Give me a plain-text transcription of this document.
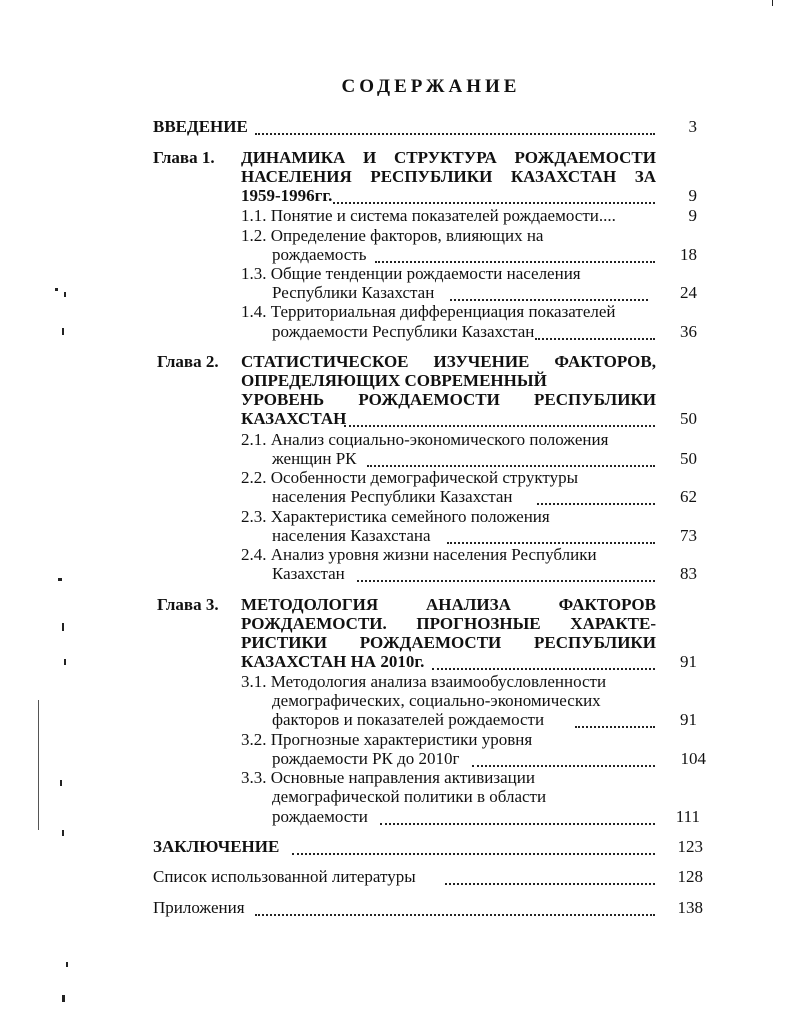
СОДЕРЖАНИЕ
ВВЕДЕНИЕ	3
Глава 1. ДИНАМИКА И СТРУКТУРА РОЖДАЕМОСТИ
НАСЕЛЕНИЯ РЕСПУБЛИКИ КАЗАХСТАН ЗА
1959-1996гг.	9
1.1. Понятие и система показателей рождаемости....	9
1.2. Определение факторов, влияющих на
рождаемость	18
1.3. Общие тенденции рождаемости населения
Республики Казахстан	24
1.4. Территориальная дифференциация показателей
рождаемости Республики Казахстан	36
Глава 2. СТАТИСТИЧЕСКОЕ ИЗУЧЕНИЕ ФАКТОРОВ,
ОПРЕДЕЛЯЮЩИХ СОВРЕМЕННЫЙ
УРОВЕНЬ РОЖДАЕМОСТИ РЕСПУБЛИКИ
КАЗАХСТАН	50
2.1. Анализ социально-экономического положения
женщин РК	50
2.2. Особенности демографической структуры
населения Республики Казахстан	62
2.3. Характеристика семейного положения
населения Казахстана	73
2.4. Анализ уровня жизни населения Республики
Казахстан	83
Глава 3. МЕТОДОЛОГИЯ АНАЛИЗА ФАКТОРОВ
РОЖДАЕМОСТИ. ПРОГНОЗНЫЕ ХАРАКТЕ-
РИСТИКИ РОЖДАЕМОСТИ РЕСПУБЛИКИ
КАЗАХСТАН НА 2010г.	91
3.1. Методология анализа взаимообусловленности
демографических, социально-экономических
факторов и показателей рождаемости	91
3.2. Прогнозные характеристики уровня
рождаемости РК до 2010г	104
3.3. Основные направления активизации
демографической политики в области
рождаемости	111
ЗАКЛЮЧЕНИЕ	123
Список использованной литературы	128
Приложения	138
